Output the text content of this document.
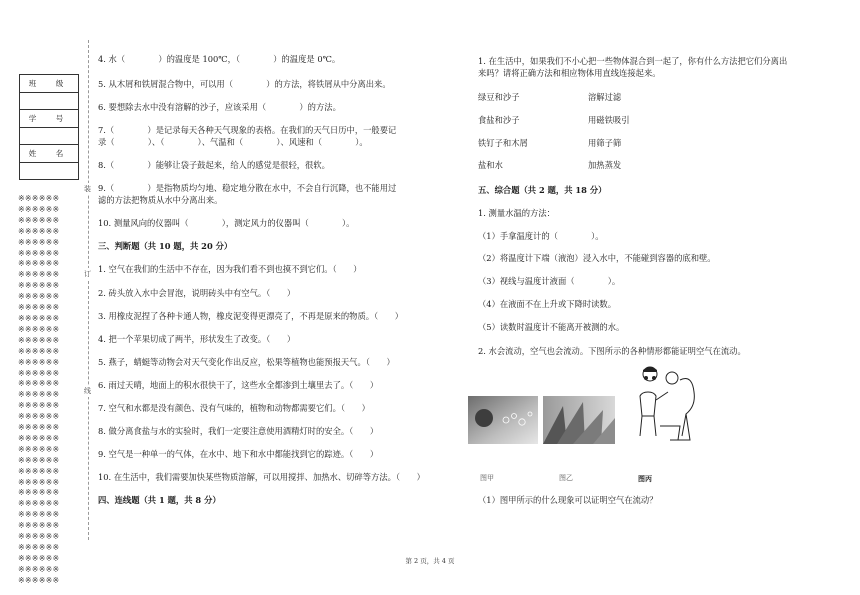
班　级

学　号

姓　名

※※※※※※
※※※※※※
※※※※※※
※※※※※※
※※※※※※
※※※※※※
※※※※※※
※※※※※※
※※※※※※
※※※※※※
※※※※※※
※※※※※※
※※※※※※
※※※※※※
※※※※※※
※※※※※※
※※※※※※
※※※※※※
※※※※※※
※※※※※※
※※※※※※
※※※※※※
※※※※※※
※※※※※※
※※※※※※
※※※※※※
※※※※※※
※※※※※※
※※※※※※
※※※※※※
※※※※※※
※※※※※※
※※※※※※
※※※※※※
※※※※※※
※※※※※※
装
订
线

4. 水（　　　　）的温度是 100℃，（　　　　）的温度是 0℃。

5. 从木屑和铁屑混合物中，可以用（　　　　）的方法，将铁屑从中分离出来。

6. 要想除去水中没有溶解的沙子，应该采用（　　　　）的方法。

7.（　　　　）是记录每天各种天气现象的表格。在我们的天气日历中，一般要记

录（　　　　）、（　　　　）、气温和（　　　　）、风速和（　　　　）。

8.（　　　　）能够让袋子鼓起来，给人的感觉是很轻，很软。

9.（　　　　）是指物质均匀地、稳定地分散在水中，不会自行沉降，也不能用过

滤的方法把物质从水中分离出来。

10. 测量风向的仪器叫（　　　　），测定风力的仪器叫（　　　　）。

三、判断题（共 10 题，共 20 分）

1. 空气在我们的生活中不存在，因为我们看不到也摸不到它们。（　　）

2. 砖头放入水中会冒泡，说明砖头中有空气。（　　）

3. 用橡皮泥捏了各种卡通人物，橡皮泥变得更漂亮了，不再是原来的物质。（　　）

4. 把一个苹果切成了两半，形状发生了改变。（　　）

5. 燕子，蜻蜓等动物会对天气变化作出反应，松果等植物也能预报天气。（　　）

6. 雨过天晴，地面上的积水很快干了，这些水全都渗到土壤里去了。（　　）

7. 空气和水都是没有颜色、没有气味的，植物和动物都需要它们。（　　）

8. 做分离食盐与水的实验时，我们一定要注意使用酒精灯时的安全。（　　）

9. 空气是一种单一的气体，在水中、地下和水中都能找到它的踪迹。（　　）

10. 在生活中，我们需要加快某些物质溶解，可以用搅拌、加热水、切碎等方法。（　　）

四、连线题（共 1 题，共 8 分）

1. 在生活中，如果我们不小心把一些物体混合到一起了，你有什么方法把它们分离出

来吗？请将正确方法和相应物体用直线连接起来。

绿豆和沙子	溶解过滤
食盐和沙子	用磁铁吸引
铁钉子和木屑	用筛子筛
盐和水	加热蒸发
五、综合题（共 2 题，共 18 分）

1. 测量水温的方法：

（1）手拿温度计的（　　　　）。

（2）将温度计下端（液泡）浸入水中，不能碰到容器的底和壁。

（3）视线与温度计液面（　　　　）。

（4）在液面不在上升或下降时读数。

（5）读数时温度计不能离开被测的水。

2. 水会流动，空气也会流动。下图所示的各种情形都能证明空气在流动。

图甲	图乙	图丙

（1）图甲所示的什么现象可以证明空气在流动？

第 2 页，共 4 页
